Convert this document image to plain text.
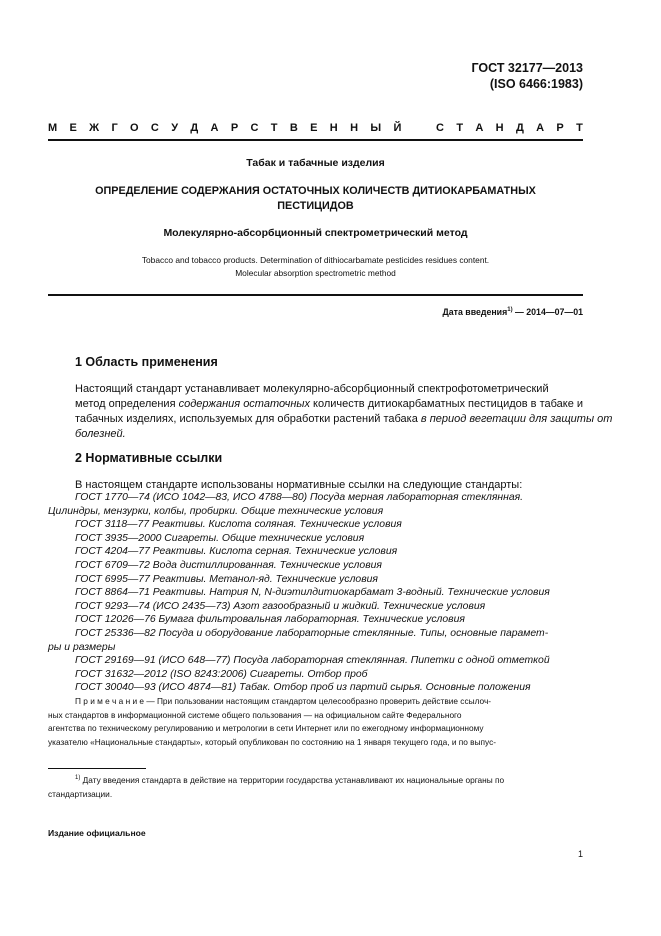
ГОСТ 32177—2013
(ISO 6466:1983)
М Е Ж Г О С У Д А Р С Т В Е Н Н Ы Й	С Т А Н Д А Р Т
Табак и табачные изделия
ОПРЕДЕЛЕНИЕ СОДЕРЖАНИЯ ОСТАТОЧНЫХ КОЛИЧЕСТВ ДИТИОКАРБАМАТНЫХ
ПЕСТИЦИДОВ
Молекулярно-абсорбционный спектрометрический метод
Tobacco and tobacco products. Determination of dithiocarbamate pesticides residues content.
Molecular absorption spectrometric method
Дата введения$^{1)}$ — 2014—07—01
1 Область применения
Настоящий стандарт устанавливает молекулярно-абсорбционный спектрофотометрический
метод определения содержания остаточных количеств дитиокарбаматных пестицидов в табаке и
табачных изделиях, используемых для обработки растений табака в период вегетации для защиты от
болезней.
2 Нормативные ссылки
В настоящем стандарте использованы нормативные ссылки на следующие стандарты:
ГОСТ 1770—74 (ИСО 1042—83, ИСО 4788—80) Посуда мерная лабораторная стеклянная.
Цилиндры, мензурки, колбы, пробирки. Общие технические условия
ГОСТ 3118—77 Реактивы. Кислота соляная. Технические условия
ГОСТ 3935—2000 Сигареты. Общие технические условия
ГОСТ 4204—77 Реактивы. Кислота серная. Технические условия
ГОСТ 6709—72 Вода дистиллированная. Технические условия
ГОСТ 6995—77 Реактивы. Метанол-яд. Технические условия
ГОСТ 8864—71 Реактивы. Натрия N, N-диэтилдитиокарбамат 3-водный. Технические условия
ГОСТ 9293—74 (ИСО 2435—73) Азот газообразный и жидкий. Технические условия
ГОСТ 12026—76 Бумага фильтровальная лабораторная. Технические условия
ГОСТ 25336—82 Посуда и оборудование лабораторные стеклянные. Типы, основные парамет-
ры и размеры
ГОСТ 29169—91 (ИСО 648—77) Посуда лабораторная стеклянная. Пипетки с одной отметкой
ГОСТ 31632—2012 (ISO 8243:2006) Сигареты. Отбор проб
ГОСТ 30040—93 (ИСО 4874—81) Табак. Отбор проб из партий сырья. Основные положения
П р и м е ч а н и е — При пользовании настоящим стандартом целесообразно проверить действие ссылоч-
ных стандартов в информационной системе общего пользования — на официальном сайте Федерального
агентства по техническому регулированию и метрологии в сети Интернет или по ежегодному информационному
указателю «Национальные стандарты», который опубликован по состоянию на 1 января текущего года, и по выпус-
$^{1)}$ Дату введения стандарта в действие на территории государства устанавливают их национальные органы по
стандартизации.
Издание официальное
1
